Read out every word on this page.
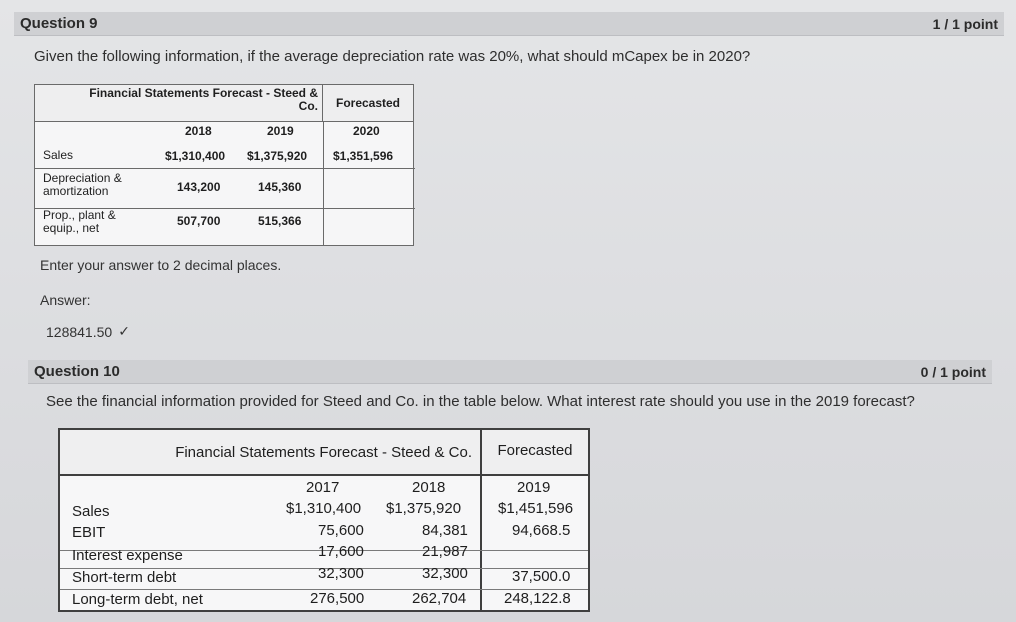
Question 9	1 / 1 point
Given the following information, if the average depreciation rate was 20%, what should mCapex be in 2020?
Financial Statements Forecast - Steed &
Co.	Forecasted
2018	2019	2020
Sales	$1,310,400 $1,375,920 $1,351,596
Depreciation &
amortization	143,200	145,360
Prop., plant &
equip., net	507,700	515,366
Enter your answer to 2 decimal places.
Answer:
128841.50 ✓
Question 10	0 / 1 point
See the financial information provided for Steed and Co. in the table below. What interest rate should you use in the 2019 forecast?
Financial Statements Forecast - Steed & Co.	Forecasted
2017	2018	2019
Sales	$1,310,400 $1,375,920 $1,451,596
EBIT	75,600	84,381	94,668.5
Interest expense	17,600	21,987
Short-term debt	32,300	32,300	37,500.0
Long-term debt, net	276,500	262,704	248,122.8
